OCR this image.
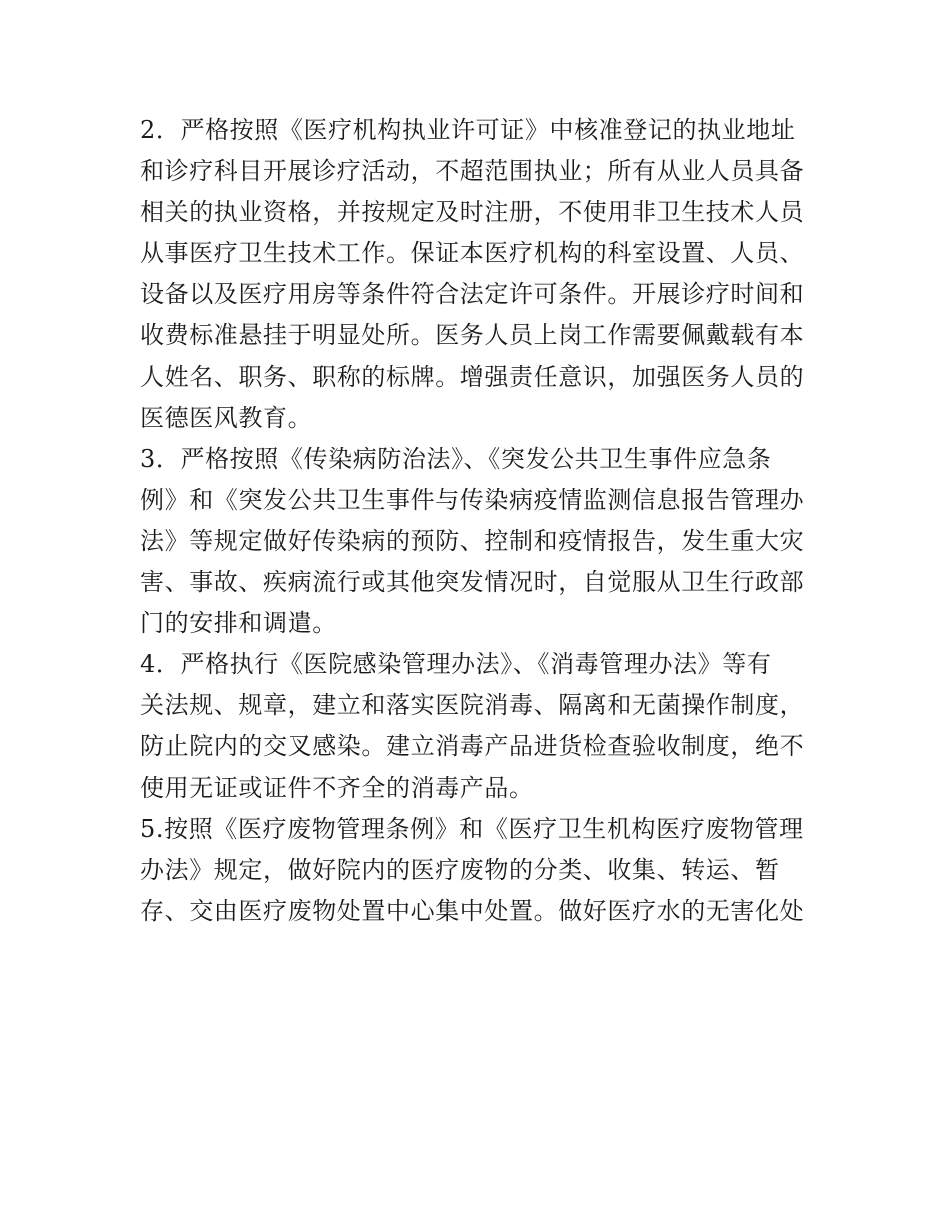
2．严格按照《医疗机构执业许可证》中核准登记的执业地址
和诊疗科目开展诊疗活动，不超范围执业；所有从业人员具备
相关的执业资格，并按规定及时注册，不使用非卫生技术人员
从事医疗卫生技术工作。保证本医疗机构的科室设置、人员、
设备以及医疗用房等条件符合法定许可条件。开展诊疗时间和
收费标准悬挂于明显处所。医务人员上岗工作需要佩戴载有本
人姓名、职务、职称的标牌。增强责任意识，加强医务人员的
医德医风教育。
3．严格按照《传染病防治法》、《突发公共卫生事件应急条
例》和《突发公共卫生事件与传染病疫情监测信息报告管理办
法》等规定做好传染病的预防、控制和疫情报告，发生重大灾
害、事故、疾病流行或其他突发情况时，自觉服从卫生行政部
门的安排和调遣。
4．严格执行《医院感染管理办法》、《消毒管理办法》等有
关法规、规章，建立和落实医院消毒、隔离和无菌操作制度，
防止院内的交叉感染。建立消毒产品进货检查验收制度，绝不
使用无证或证件不齐全的消毒产品。
5.按照《医疗废物管理条例》和《医疗卫生机构医疗废物管理
办法》规定，做好院内的医疗废物的分类、收集、转运、暂
存、交由医疗废物处置中心集中处置。做好医疗水的无害化处
